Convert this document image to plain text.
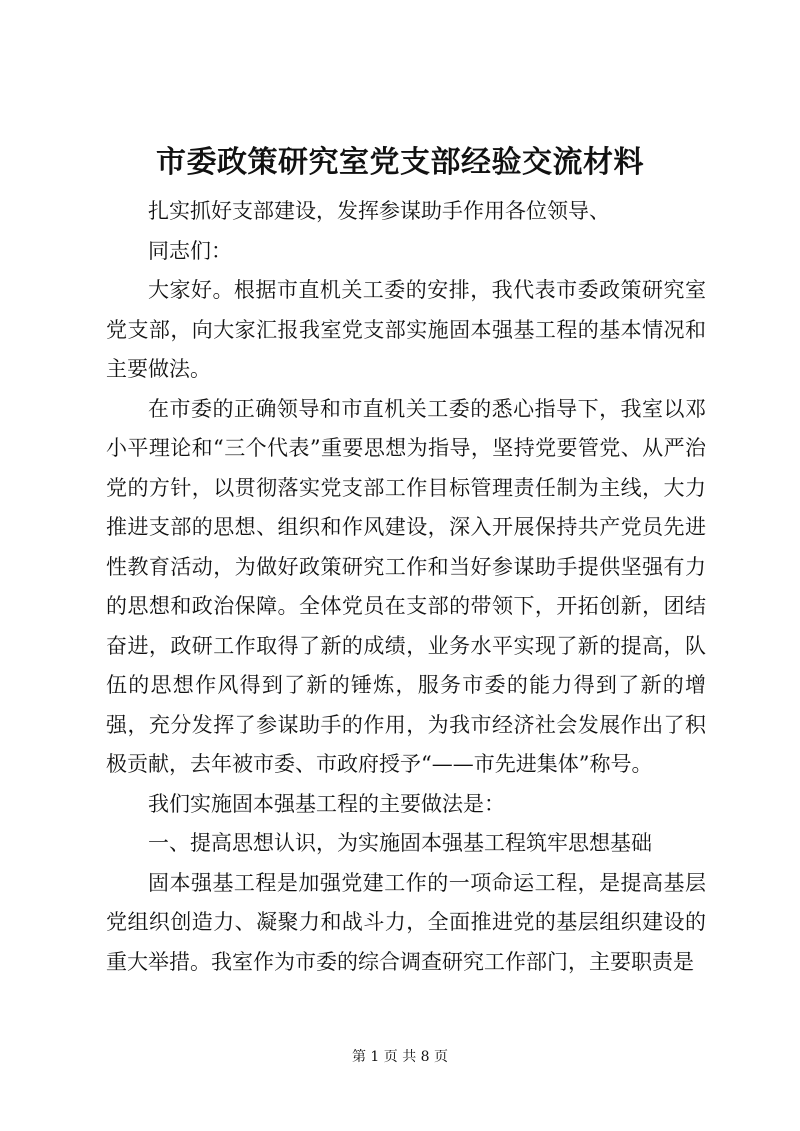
市委政策研究室党支部经验交流材料

扎实抓好支部建设，发挥参谋助手作用各位领导、

同志们：

大家好。根据市直机关工委的安排，我代表市委政策研究室党支部，向大家汇报我室党支部实施固本强基工程的基本情况和主要做法。

在市委的正确领导和市直机关工委的悉心指导下，我室以邓小平理论和“三个代表”重要思想为指导，坚持党要管党、从严治党的方针，以贯彻落实党支部工作目标管理责任制为主线，大力推进支部的思想、组织和作风建设，深入开展保持共产党员先进性教育活动，为做好政策研究工作和当好参谋助手提供坚强有力的思想和政治保障。全体党员在支部的带领下，开拓创新，团结奋进，政研工作取得了新的成绩，业务水平实现了新的提高，队伍的思想作风得到了新的锤炼，服务市委的能力得到了新的增强，充分发挥了参谋助手的作用，为我市经济社会发展作出了积极贡献，去年被市委、市政府授予“——市先进集体”称号。

我们实施固本强基工程的主要做法是：

一、提高思想认识，为实施固本强基工程筑牢思想基础

固本强基工程是加强党建工作的一项命运工程，是提高基层党组织创造力、凝聚力和战斗力，全面推进党的基层组织建设的重大举措。我室作为市委的综合调查研究工作部门，主要职责是

第 1 页 共 8 页
